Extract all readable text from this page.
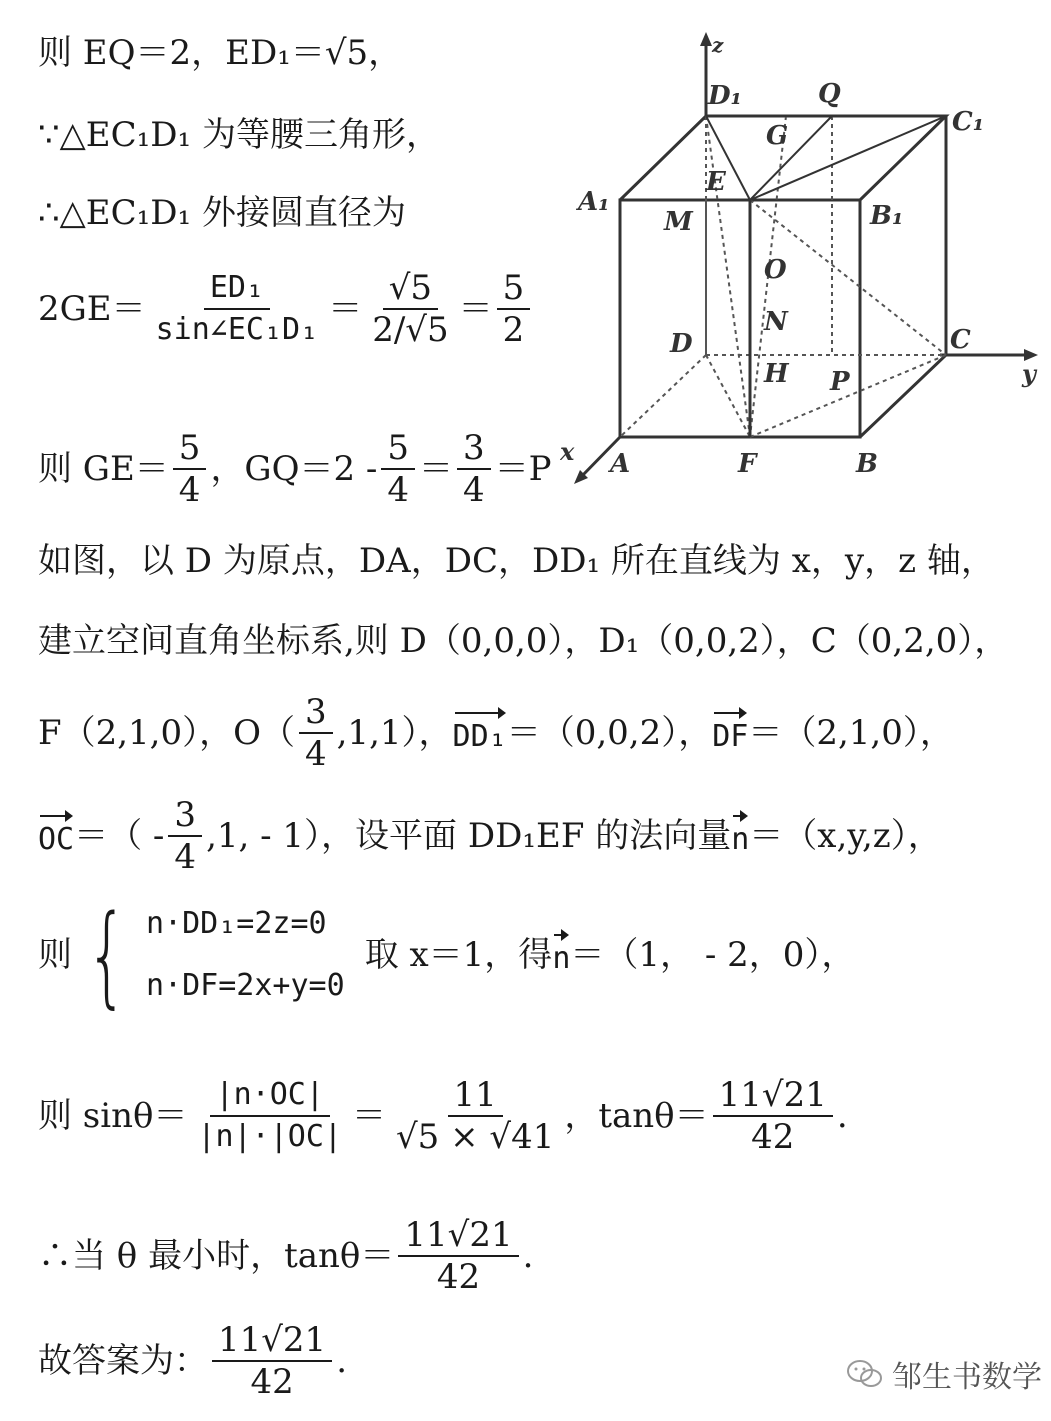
则 EQ＝2，ED₁＝√5，
∵△EC₁D₁ 为等腰三角形，
∴△EC₁D₁ 外接圆直径为
$2GE= \frac{\text{ED₁}}{\text{sin∠EC₁D₁}} = \frac{√5}{2/√5} = \frac{5}{2}$
则 $GE= \frac{5}{4}$ ，$GQ=2 - \frac{5}{4} = \frac{3}{4} =P$
如图，以 D 为原点，DA，DC，DD₁ 所在直线为 x，y，z 轴，
建立空间直角坐标系,则 D（0,0,0），D₁（0,0,2），C（0,2,0），
F（2,1,0），$O( \frac{3}{4} ,1,1)$， DD₁ ＝（0,0,2）， DF ＝（2,1,0），
OC ＝（ - $\frac{3}{4} ,1$, - 1），设平面 DD₁EF 的法向量 n ＝（x,y,z），
则 { n·DD₁=2z=0
n·DF=2x+y=0
取 x＝1，得 n ＝（1， - 2，0），
则 $\sin\theta= \frac{|n\cdot OC|}{|n|\cdot|OC|} = \frac{11}{√5 \times √41}$ ，$\tan\theta= \frac{11√21}{42}$ .
∴当 θ 最小时，$\tan\theta= \frac{11√21}{42}$ .
故答案为： $\frac{11√21}{42}$ .
z
y
x
D₁	Q
C₁
G
E
A₁
M	B₁
O
N
D	C
H P
A	F	B
邹生书数学
